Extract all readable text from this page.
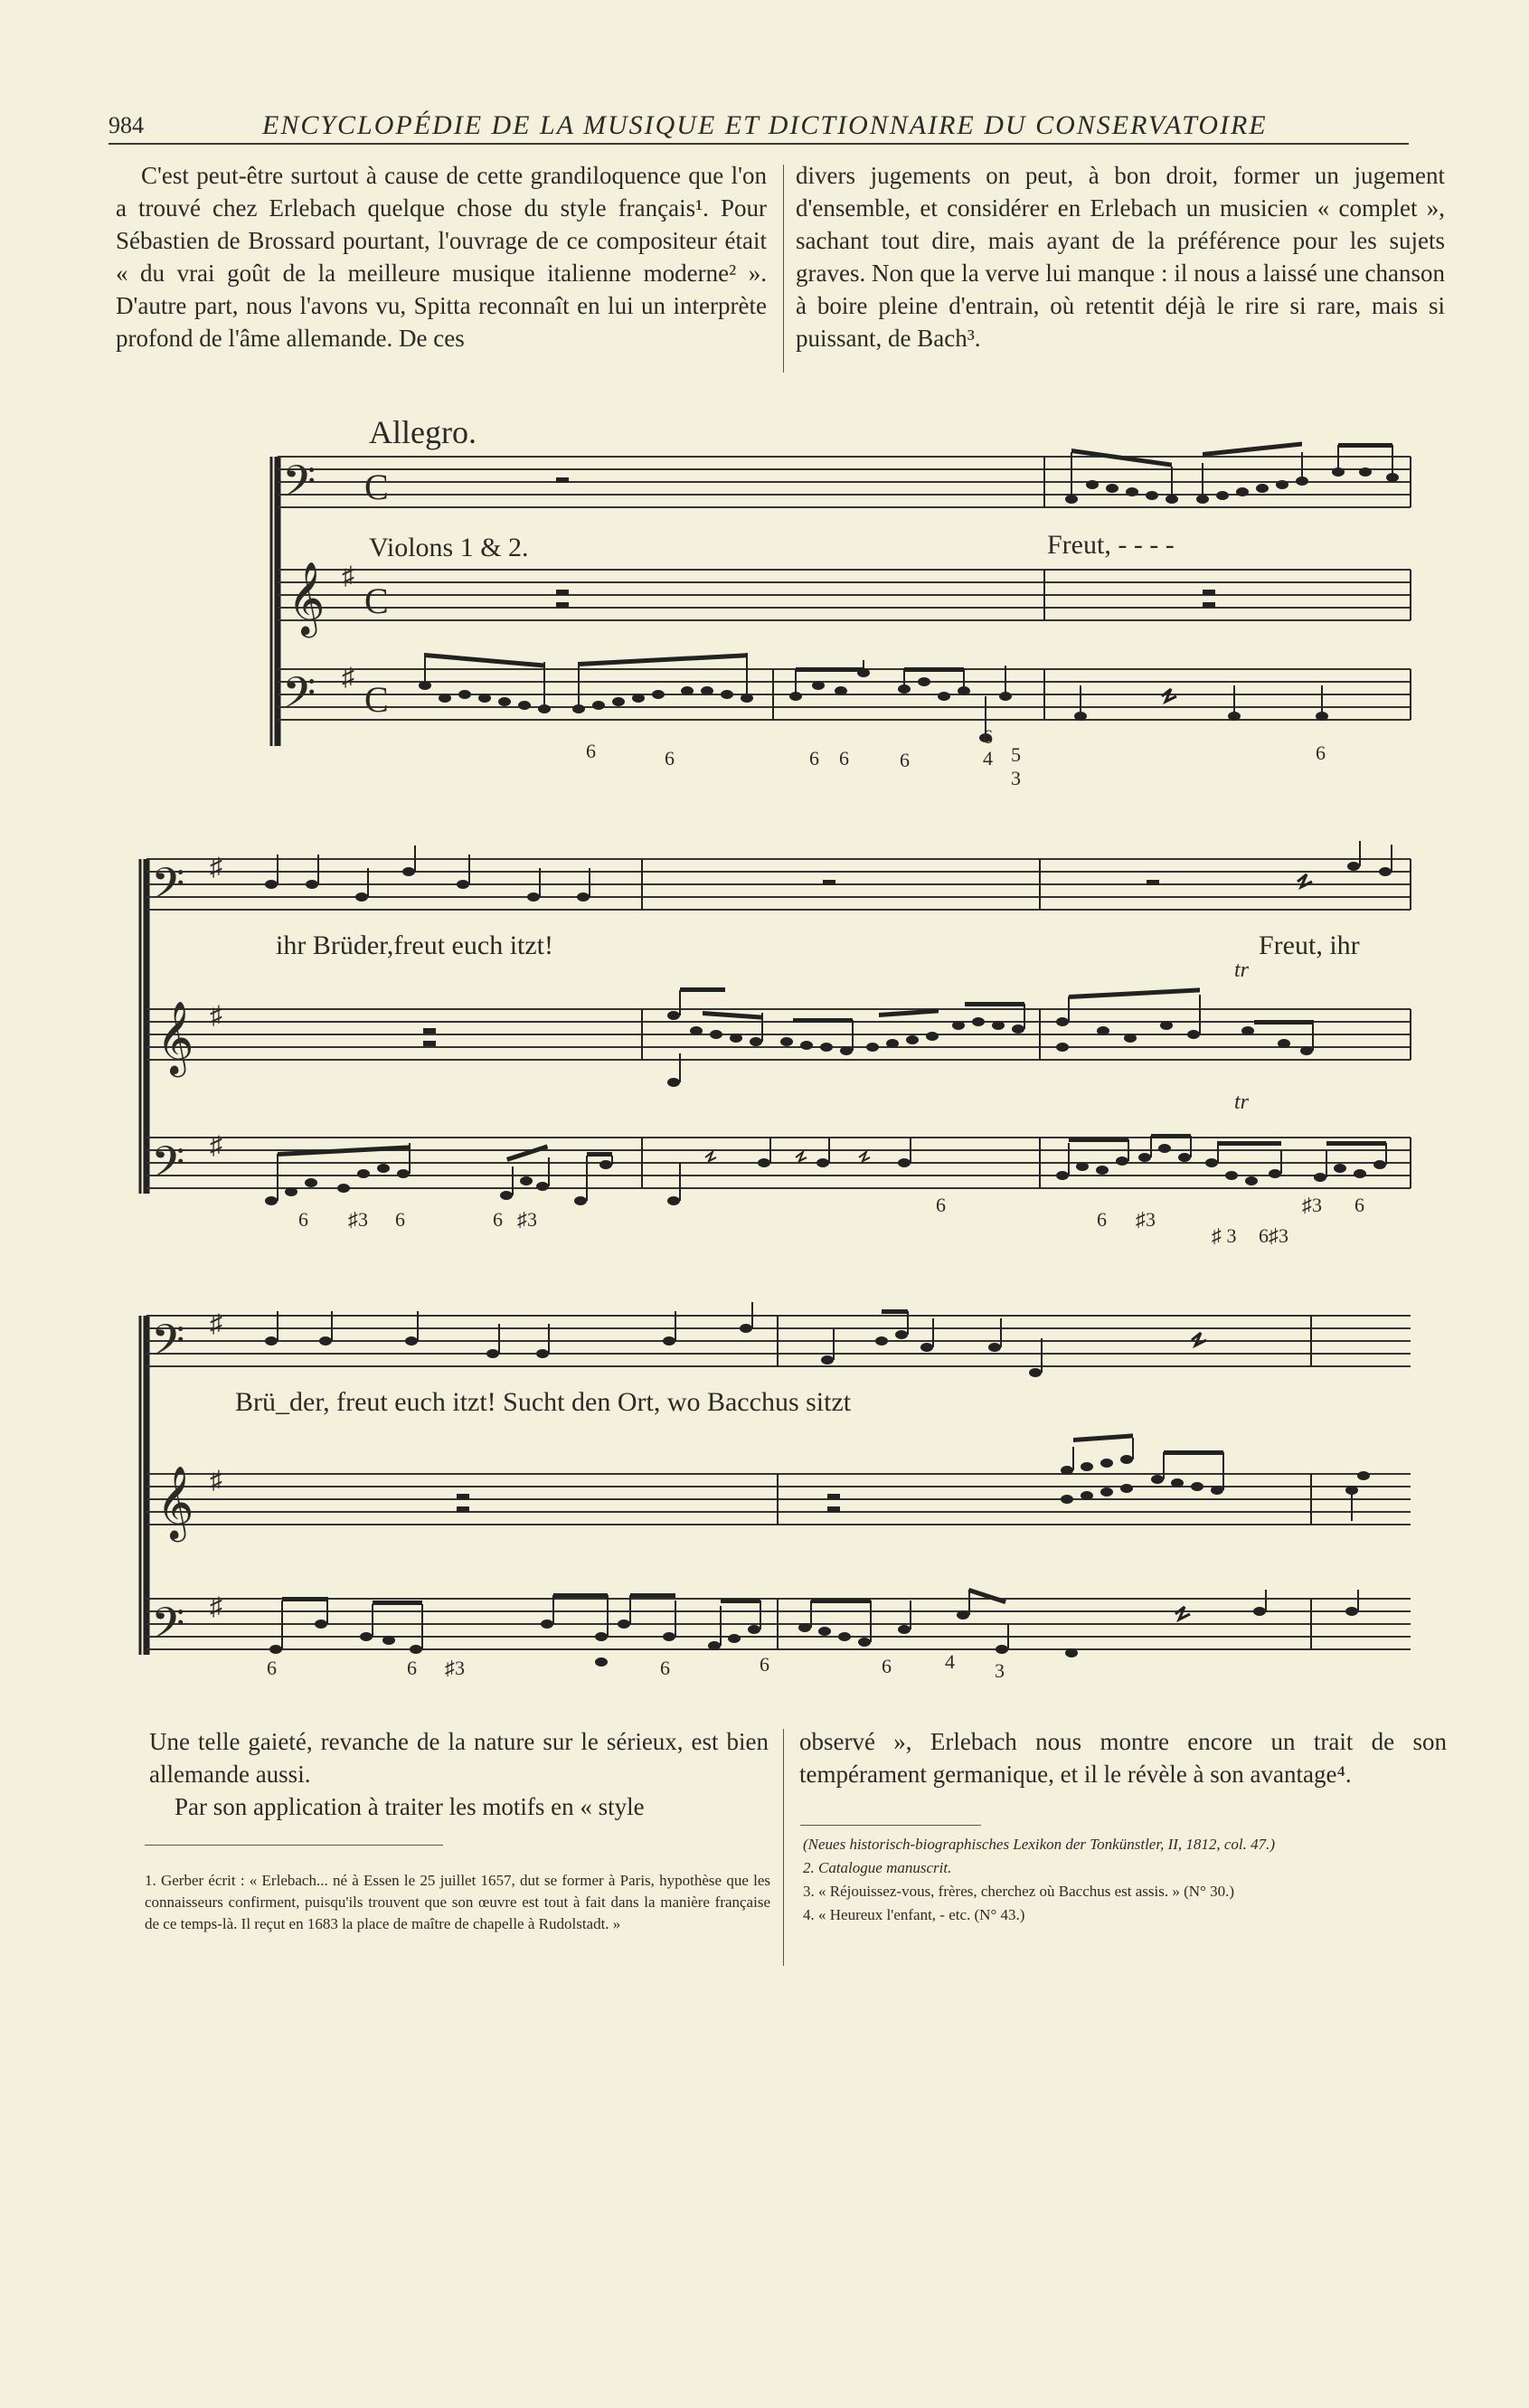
984	ENCYCLOPÉDIE DE LA MUSIQUE ET DICTIONNAIRE DU CONSERVATOIRE

C'est peut-être surtout à cause de cette grandiloquence que l'on a trouvé chez Erlebach quelque chose du style français¹. Pour Sébastien de Brossard pourtant, l'ouvrage de ce compositeur était « du vrai goût de la meilleure musique italienne moderne² ». D'autre part, nous l'avons vu, Spitta reconnaît en lui un interprète profond de l'âme allemande. De ces

divers jugements on peut, à bon droit, former un jugement d'ensemble, et considérer en Erlebach un musicien « complet », sachant tout dire, mais ayant de la préférence pour les sujets graves. Non que la verve lui manque : il nous a laissé une chanson à boire pleine d'entrain, où retentit déjà le rire si rare, mais si puissant, de Bach³.

Allegro.
𝄢 C
Violons 1 & 2.	Freut, - - - -
𝄞 ♯
C
𝄢 ♯
C
6	6	6 6	6
6
4 5
3
6
𝄢 ♯
ihr Brüder,freut euch itzt!	Freut, ihr
𝄞 ♯
tr
tr
𝄢 ♯
6 ♯3 6	6 ♯3
6
6 ♯3
♯ 3 6♯3
♯3 6
𝄢 ♯
Brü_der, freut euch itzt! Sucht den Ort, wo Bacchus sitzt
𝄞 ♯
𝄢 ♯
6	6 ♯3	6	6	6	4 3

Une telle gaieté, revanche de la nature sur le sérieux, est bien allemande aussi.

Par son application à traiter les motifs en « style

observé », Erlebach nous montre encore un trait de son tempérament germanique, et il le révèle à son avantage⁴.

1. Gerber écrit : « Erlebach... né à Essen le 25 juillet 1657, dut se former à Paris, hypothèse que les connaisseurs confirment, puisqu'ils trouvent que son œuvre est tout à fait dans la manière française de ce temps-là. Il reçut en 1683 la place de maître de chapelle à Rudolstadt. »

(Neues historisch-biographisches Lexikon der Tonkünstler, II, 1812, col. 47.)

2. Catalogue manuscrit.

3. « Réjouissez-vous, frères, cherchez où Bacchus est assis. » (N° 30.)

4. « Heureux l'enfant, - etc. (N° 43.)
